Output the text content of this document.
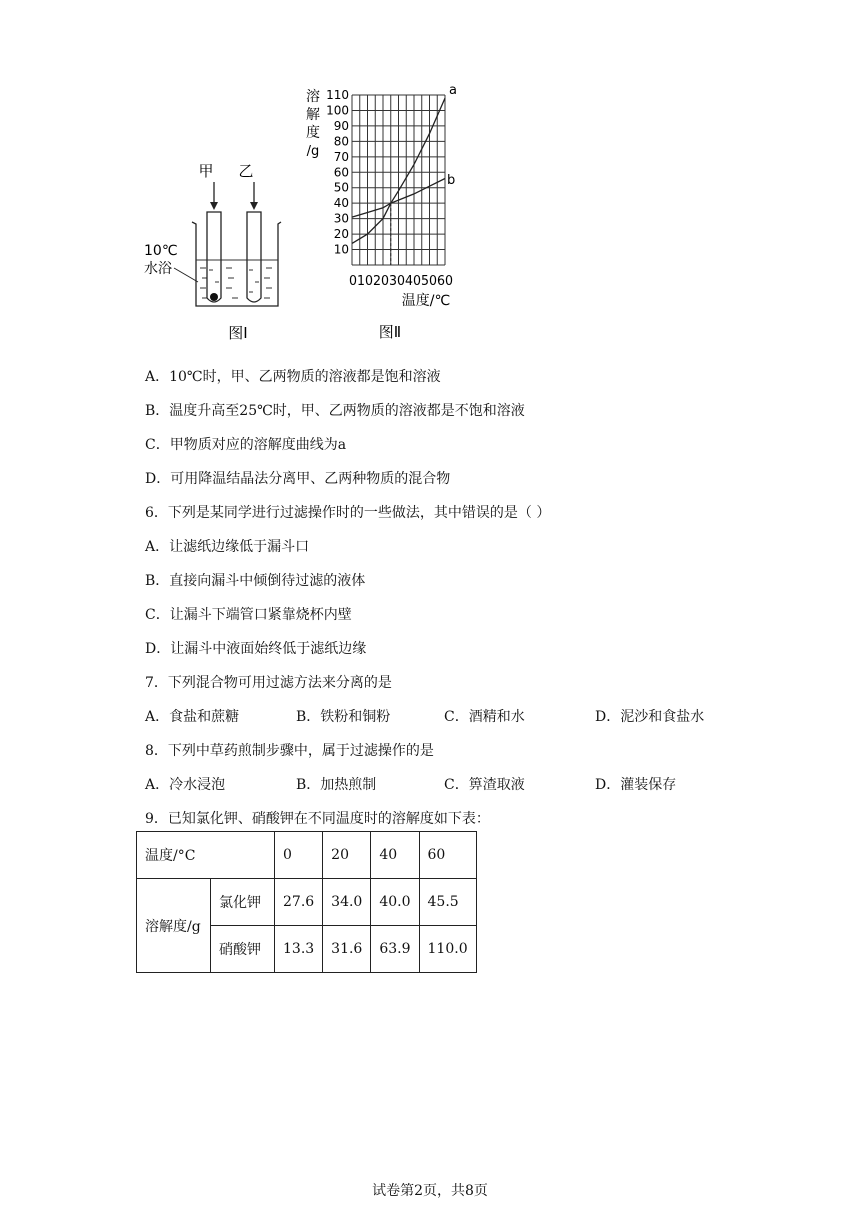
甲 乙
10℃
水浴
图Ⅰ
溶
解
度
/g
110
100
90
80
70
60
50
40
30
20
10
0102030405060
温度/℃
a
b
图Ⅱ
A．10℃时，甲、乙两物质的溶液都是饱和溶液
B．温度升高至25℃时，甲、乙两物质的溶液都是不饱和溶液
C．甲物质对应的溶解度曲线为a
D．可用降温结晶法分离甲、乙两种物质的混合物
6．下列是某同学进行过滤操作时的一些做法，其中错误的是（ ）
A．让滤纸边缘低于漏斗口
B．直接向漏斗中倾倒待过滤的液体
C．让漏斗下端管口紧靠烧杯内壁
D．让漏斗中液面始终低于滤纸边缘
7．下列混合物可用过滤方法来分离的是
A．食盐和蔗糖	B．铁粉和铜粉	C．酒精和水	D．泥沙和食盐水
8．下列中草药煎制步骤中，属于过滤操作的是
A．冷水浸泡	B．加热煎制	C．箅渣取液	D．灌装保存
9．已知氯化钾、硝酸钾在不同温度时的溶解度如下表：
温度/°C		0	20	40	60
溶解度/g	氯化钾	27.6	34.0	40.0	45.5
	硝酸钾	13.3	31.6	63.9	110.0
试卷第2页，共8页
